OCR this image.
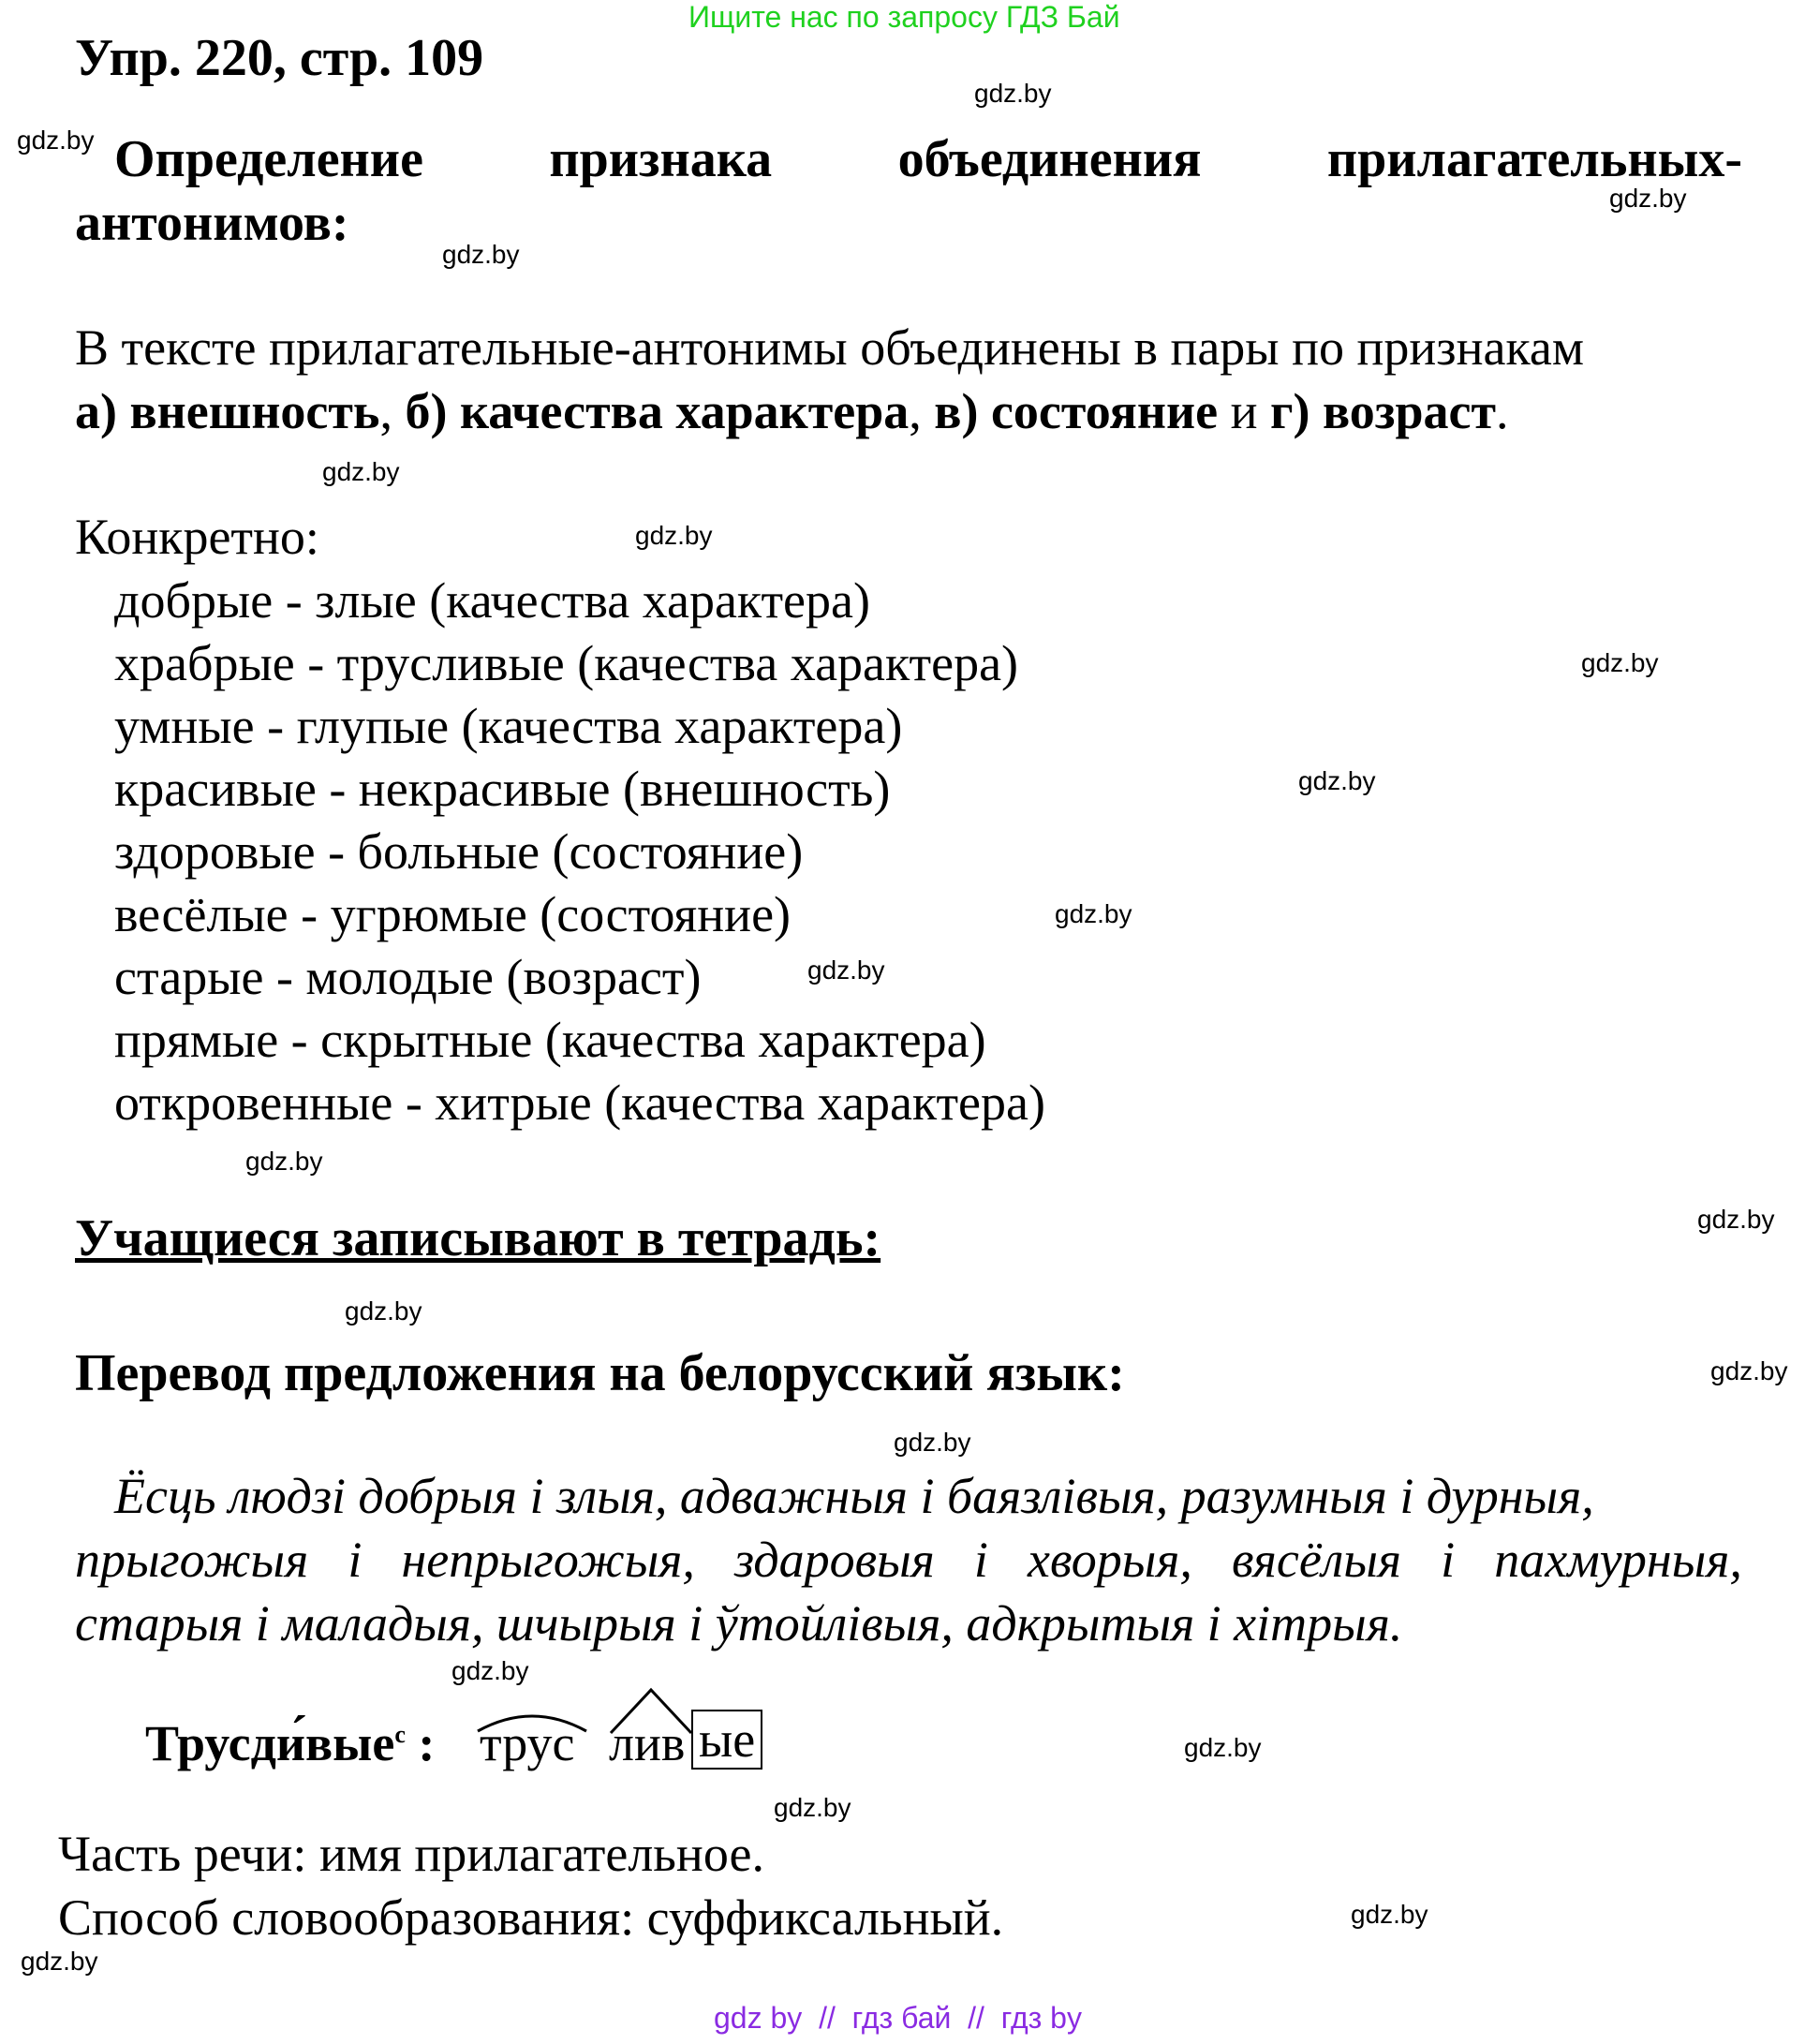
Ищите нас по запросу ГДЗ Бай
Упр. 220, стр. 109
Определение признака объединения прилагательных-
антонимов:
В тексте прилагательные-антонимы объединены в пары по признакам
а) внешность, б) качества характера, в) состояние и г) возраст.
Конкретно:
добрые - злые (качества характера)
храбрые - трусливые (качества характера)
умные - глупые (качества характера)
красивые - некрасивые (внешность)
здоровые - больные (состояние)
весёлые - угрюмые (состояние)
старые - молодые (возраст)
прямые - скрытные (качества характера)
откровенные - хитрые (качества характера)
Учащиеся записывают в тетрадь:
Перевод предложения на белорусский язык:
Ёсць людзі добрыя і злыя, адважныя і баязлівыя, разумныя і дурныя,
прыгожыя і непрыгожыя, здаровыя і хворыя, вясёлыя і пахмурныя,
старыя і маладыя, шчырыя і ўтойлівыя, адкрытыя і хітрыя.
Трусди́вые$^с$ : трус лив ые
Часть речи: имя прилагательное.
Способ словообразования: суффиксальный.
gdz.by
gdz.by
gdz.by
gdz.by
gdz.by
gdz.by
gdz.by
gdz.by
gdz.by
gdz.by
gdz.by
gdz.by
gdz.by
gdz.by
gdz.by
gdz.by
gdz.by
gdz.by
gdz.by
gdz.by
gdz by  //  гдз бай  //  гдз by
